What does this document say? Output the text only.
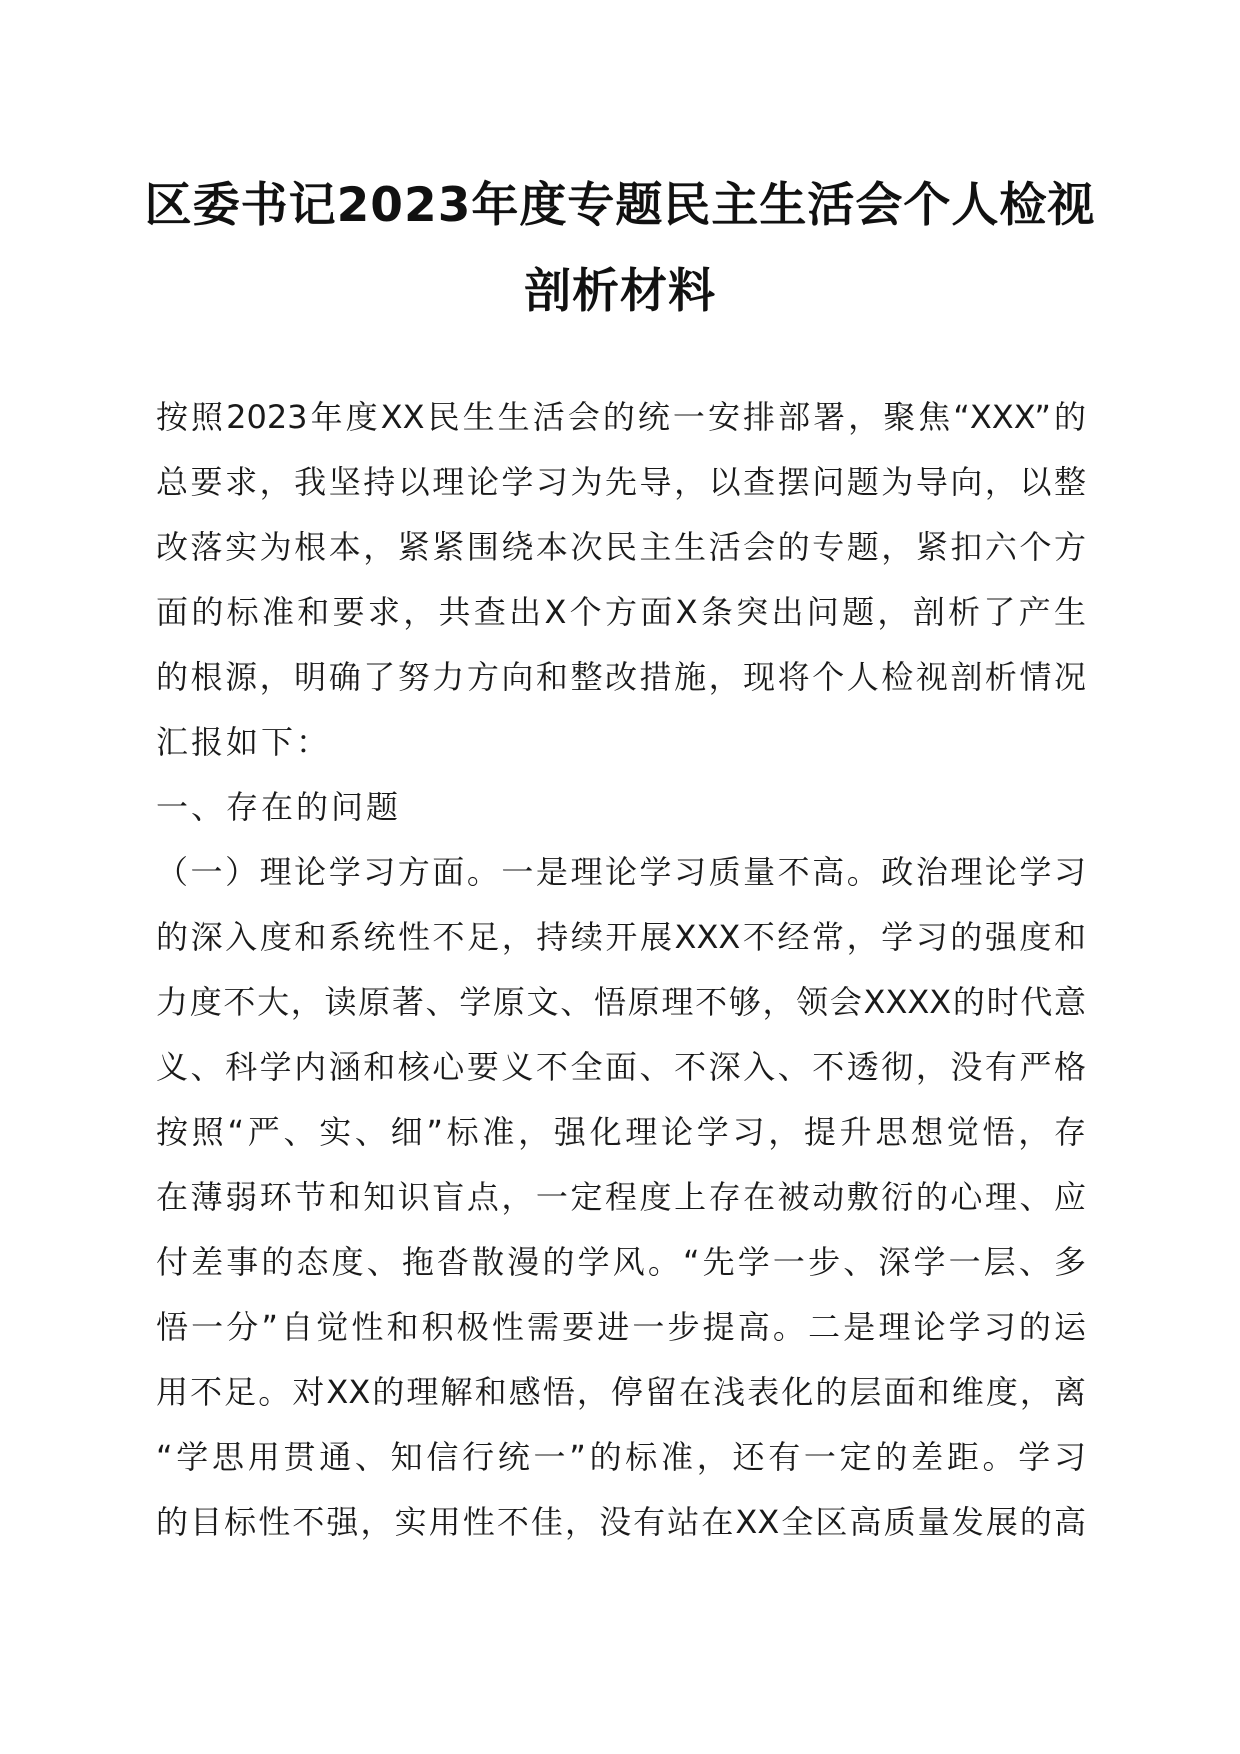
区委书记2023年度专题民主生活会个人检视
剖析材料
按照2023年度XX民生生活会的统一安排部署，聚焦“XXX”的
总要求，我坚持以理论学习为先导，以查摆问题为导向，以整
改落实为根本，紧紧围绕本次民主生活会的专题，紧扣六个方
面的标准和要求，共查出X个方面X条突出问题，剖析了产生
的根源，明确了努力方向和整改措施，现将个人检视剖析情况
汇报如下：
一、存在的问题
（一）理论学习方面。一是理论学习质量不高。政治理论学习
的深入度和系统性不足，持续开展XXX不经常，学习的强度和
力度不大，读原著、学原文、悟原理不够，领会XXXX的时代意
义、科学内涵和核心要义不全面、不深入、不透彻，没有严格
按照“严、实、细”标准，强化理论学习，提升思想觉悟，存
在薄弱环节和知识盲点，一定程度上存在被动敷衍的心理、应
付差事的态度、拖沓散漫的学风。“先学一步、深学一层、多
悟一分”自觉性和积极性需要进一步提高。二是理论学习的运
用不足。对XX的理解和感悟，停留在浅表化的层面和维度，离
“学思用贯通、知信行统一”的标准，还有一定的差距。学习
的目标性不强，实用性不佳，没有站在XX全区高质量发展的高
